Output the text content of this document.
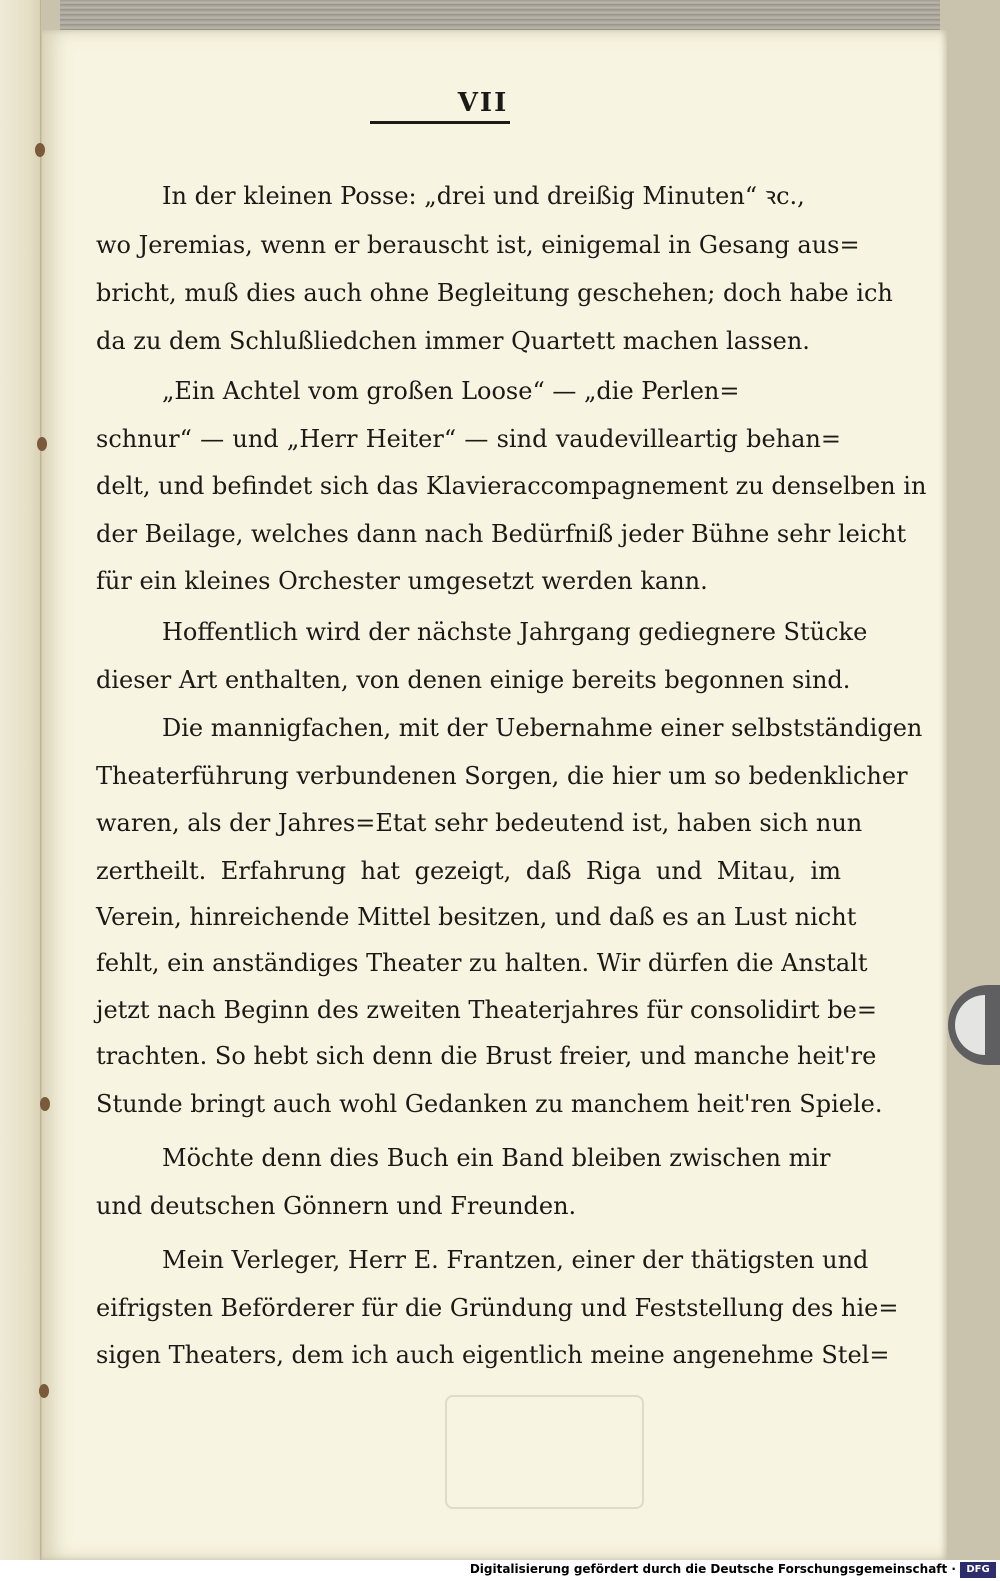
VII
In der kleinen Posse: „drei und dreißig Minuten“ ꝛc.,
wo Jeremias, wenn er berauscht ist, einigemal in Gesang aus=
bricht, muß dies auch ohne Begleitung geschehen; doch habe ich
da zu dem Schlußliedchen immer Quartett machen lassen.
„Ein Achtel vom großen Loose“ — „die Perlen=
schnur“ — und „Herr Heiter“ — sind vaudevilleartig behan=
delt, und befindet sich das Klavieraccompagnement zu denselben in
der Beilage, welches dann nach Bedürfniß jeder Bühne sehr leicht
für ein kleines Orchester umgesetzt werden kann.
Hoffentlich wird der nächste Jahrgang gediegnere Stücke
dieser Art enthalten, von denen einige bereits begonnen sind.
Die mannigfachen, mit der Uebernahme einer selbstständigen
Theaterführung verbundenen Sorgen, die hier um so bedenklicher
waren, als der Jahres=Etat sehr bedeutend ist, haben sich nun
zertheilt. Erfahrung hat gezeigt, daß Riga und Mitau, im
Verein, hinreichende Mittel besitzen, und daß es an Lust nicht
fehlt, ein anständiges Theater zu halten. Wir dürfen die Anstalt
jetzt nach Beginn des zweiten Theaterjahres für consolidirt be=
trachten. So hebt sich denn die Brust freier, und manche heit're
Stunde bringt auch wohl Gedanken zu manchem heit'ren Spiele.
Möchte denn dies Buch ein Band bleiben zwischen mir
und deutschen Gönnern und Freunden.
Mein Verleger, Herr E. Frantzen, einer der thätigsten und
eifrigsten Beförderer für die Gründung und Feststellung des hie=
sigen Theaters, dem ich auch eigentlich meine angenehme Stel=
Digitalisierung gefördert durch die Deutsche Forschungsgemeinschaft ·	DFG
